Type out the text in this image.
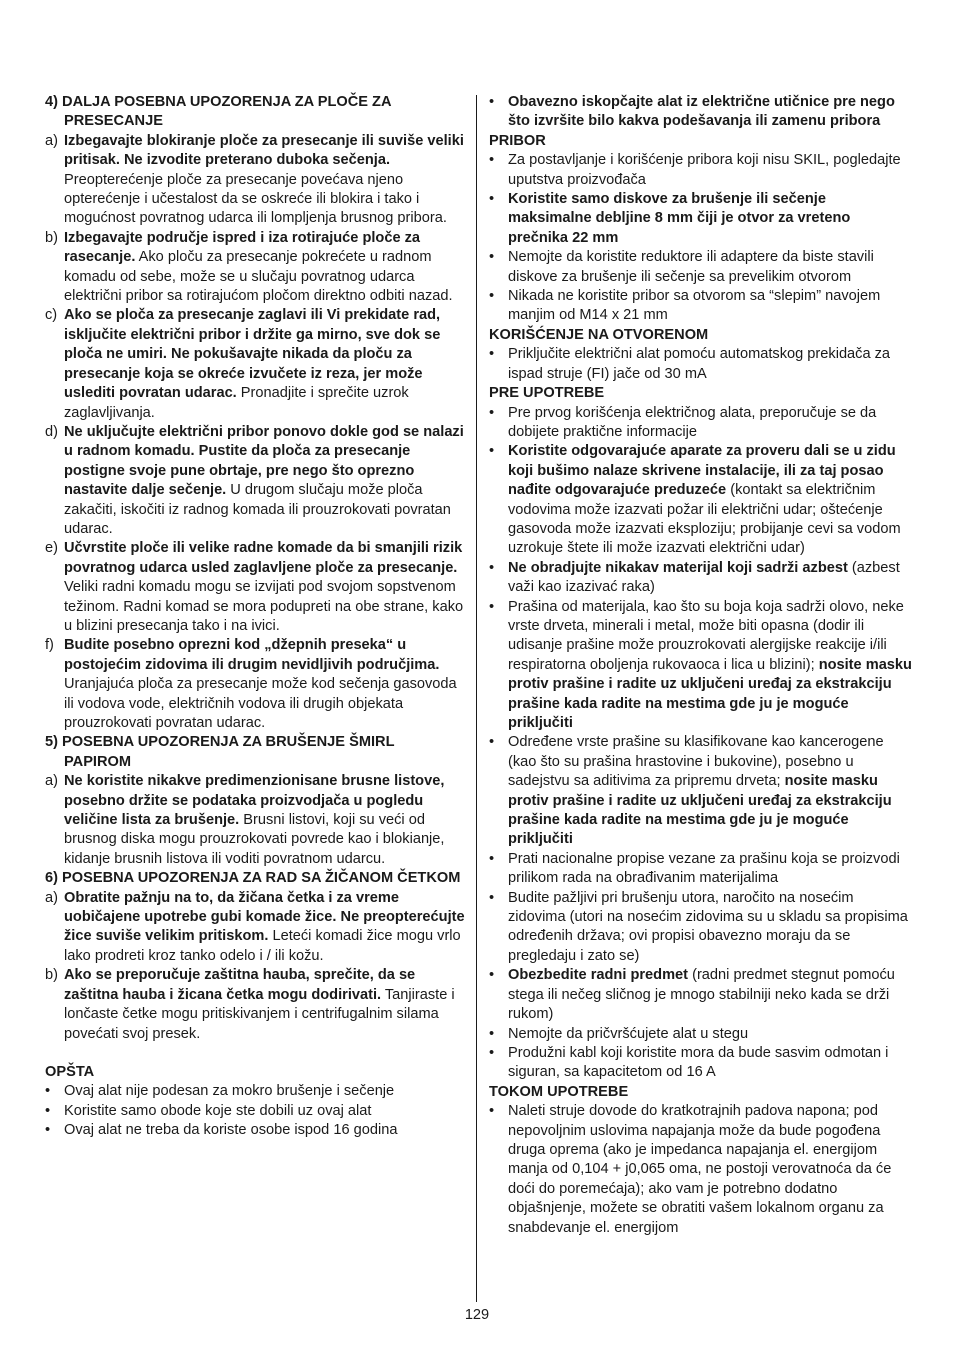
4) DALJA POSEBNA UPOZORENJA ZA PLOČE ZA PRESECANJE
a) Izbegavajte blokiranje ploče za presecanje ili suviše veliki pritisak. Ne izvodite preterano duboka sečenja. Preopterećenje ploče za presecanje povećava njeno opterećenje i učestalost da se oskreće ili blokira i tako i mogućnost povratnog udarca ili lompljenja brusnog pribora.
b) Izbegavajte područje ispred i iza rotirajuće ploče za rasecanje. Ako ploču za presecanje pokrećete u radnom komadu od sebe, može se u slučaju povratnog udarca električni pribor sa rotirajućom pločom direktno odbiti nazad.
c) Ako se ploča za presecanje zaglavi ili Vi prekidate rad, isključite električni pribor i držite ga mirno, sve dok se ploča ne umiri. Ne pokušavajte nikada da ploču za presecanje koja se okreće izvučete iz reza, jer može uslediti povratan udarac. Pronadjite i sprečite uzrok zaglavljivanja.
d) Ne uključujte električni pribor ponovo dokle god se nalazi u radnom komadu. Pustite da ploča za presecanje postigne svoje pune obrtaje, pre nego što oprezno nastavite dalje sečenje. U drugom slučaju može ploča zakačiti, iskočiti iz radnog komada ili prouzrokovati povratan udarac.
e) Učvrstite ploče ili velike radne komade da bi smanjili rizik povratnog udarca usled zaglavljene ploče za presecanje. Veliki radni komadu mogu se izvijati pod svojom sopstvenom težinom. Radni komad se mora podupreti na obe strane, kako u blizini presecanja tako i na ivici.
f) Budite posebno oprezni kod „džepnih preseka“ u postojećim zidovima ili drugim nevidljivih područjima. Uranjajuća ploča za presecanje može kod sečenja gasovoda ili vodova vode, električnih vodova ili drugih objekata prouzrokovati povratan udarac.
5) POSEBNA UPOZORENJA ZA BRUŠENJE ŠMIRL PAPIROM
a) Ne koristite nikakve predimenzionisane brusne listove, posebno držite se podataka proizvodjača u pogledu veličine lista za brušenje. Brusni listovi, koji su veći od brusnog diska mogu prouzrokovati povrede kao i blokianje, kidanje brusnih listova ili voditi povratnom udarcu.
6) POSEBNA UPOZORENJA ZA RAD SA ŽIČANOM ČETKOM
a) Obratite pažnju na to, da žičana četka i za vreme uobičajene upotrebe gubi komade žice. Ne preopterećujte žice suviše velikim pritiskom. Leteći komadi žice mogu vrlo lako prodreti kroz tanko odelo i / ili kožu.
b) Ako se preporučuje zaštitna hauba, sprečite, da se zaštitna hauba i žicana četka mogu dodirivati. Tanjiraste i lončaste četke mogu pritiskivanjem i centrifugalnim silama povećati svoj presek.
OPŠTA
• Ovaj alat nije podesan za mokro brušenje i sečenje
• Koristite samo obode koje ste dobili uz ovaj alat
• Ovaj alat ne treba da koriste osobe ispod 16 godina
• Obavezno iskopčajte alat iz električne utičnice pre nego što izvršite bilo kakva podešavanja ili zamenu pribora
PRIBOR
• Za postavljanje i korišćenje pribora koji nisu SKIL, pogledajte uputstva proizvođača
• Koristite samo diskove za brušenje ili sečenje maksimalne debljine 8 mm čiji je otvor za vreteno prečnika 22 mm
• Nemojte da koristite reduktore ili adaptere da biste stavili diskove za brušenje ili sečenje sa prevelikim otvorom
• Nikada ne koristite pribor sa otvorom sa “slepim” navojem manjim od M14 x 21 mm
KORIŠĆENJE NA OTVORENOM
• Priključite električni alat pomoću automatskog prekidača za ispad struje (FI) jače od 30 mA
PRE UPOTREBE
• Pre prvog korišćenja električnog alata, preporučuje se da dobijete praktične informacije
• Koristite odgovarajuće aparate za proveru dali se u zidu koji bušimo nalaze skrivene instalacije, ili za taj posao nađite odgovarajuće preduzeće (kontakt sa električnim vodovima može izazvati požar ili električni udar; oštećenje gasovoda može izazvati eksploziju; probijanje cevi sa vodom uzrokuje štete ili može izazvati električni udar)
• Ne obradjujte nikakav materijal koji sadrži azbest (azbest važi kao izazivać raka)
• Prašina od materijala, kao što su boja koja sadrži olovo, neke vrste drveta, minerali i metal, može biti opasna (dodir ili udisanje prašine može prouzrokovati alergijske reakcije i/ili respiratorna oboljenja rukovaoca i lica u blizini); nosite masku protiv prašine i radite uz uključeni uređaj za ekstrakciju prašine kada radite na mestima gde ju je moguće priključiti
• Određene vrste prašine su klasifikovane kao kancerogene (kao što su prašina hrastovine i bukovine), posebno u sadejstvu sa aditivima za pripremu drveta; nosite masku protiv prašine i radite uz uključeni uređaj za ekstrakciju prašine kada radite na mestima gde ju je moguće priključiti
• Prati nacionalne propise vezane za prašinu koja se proizvodi prilikom rada na obrađivanim materijalima
• Budite pažljivi pri brušenju utora, naročito na nosećim zidovima (utori na nosećim zidovima su u skladu sa propisima određenih država; ovi propisi obavezno moraju da se pregledaju i zato se)
• Obezbedite radni predmet (radni predmet stegnut pomoću stega ili nečeg sličnog je mnogo stabilniji neko kada se drži rukom)
• Nemojte da pričvršćujete alat u stegu
• Produžni kabl koji koristite mora da bude sasvim odmotan i siguran, sa kapacitetom od 16 A
TOKOM UPOTREBE
• Naleti struje dovode do kratkotrajnih padova napona; pod nepovoljnim uslovima napajanja može da bude pogođena druga oprema (ako je impedanca napajanja el. energijom manja od 0,104 + j0,065 oma, ne postoji verovatnoća da će doći do poremećaja); ako vam je potrebno dodatno objašnjenje, možete se obratiti vašem lokalnom organu za snabdevanje el. energijom
129
